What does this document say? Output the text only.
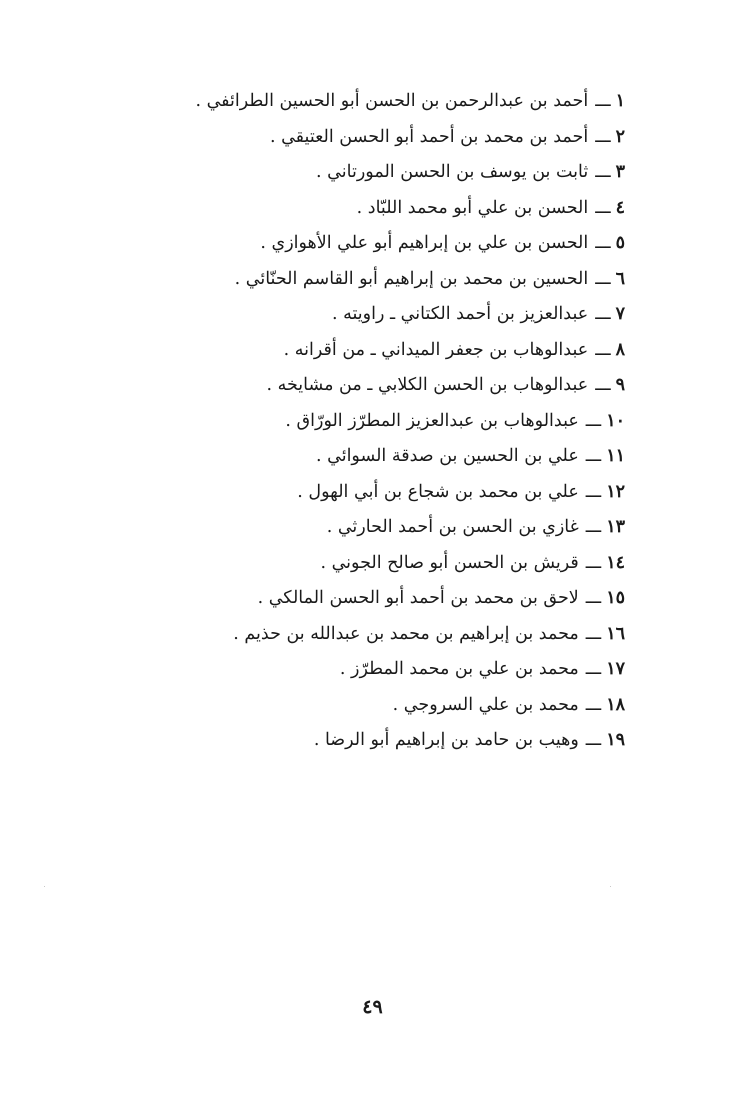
١ـــأحمد بن عبدالرحمن بن الحسن أبو الحسين الطرائفي .
٢ـــأحمد بن محمد بن أحمد أبو الحسن العتيقي .
٣ـــثابت بن يوسف بن الحسن المورتاني .
٤ـــالحسن بن علي أبو محمد اللبّاد .
٥ـــالحسن بن علي بن إبراهيم أبو علي الأهوازي .
٦ـــالحسين بن محمد بن إبراهيم أبو القاسم الحنّائي .
٧ـــعبدالعزيز بن أحمد الكتاني ـ راويته .
٨ـــعبدالوهاب بن جعفر الميداني ـ من أقرانه .
٩ـــعبدالوهاب بن الحسن الكلابي ـ من مشايخه .
١٠ـــعبدالوهاب بن عبدالعزيز المطرّز الورّاق .
١١ـــعلي بن الحسين بن صدقة السوائي .
١٢ـــعلي بن محمد بن شجاع بن أبي الهول .
١٣ـــغازي بن الحسن بن أحمد الحارثي .
١٤ـــقريش بن الحسن أبو صالح الجوني .
١٥ـــلاحق بن محمد بن أحمد أبو الحسن المالكي .
١٦ـــمحمد بن إبراهيم بن محمد بن عبدالله بن حذيم .
١٧ـــمحمد بن علي بن محمد المطرّز .
١٨ـــمحمد بن علي السروجي .
١٩ـــوهيب بن حامد بن إبراهيم أبو الرضا .
٤٩
